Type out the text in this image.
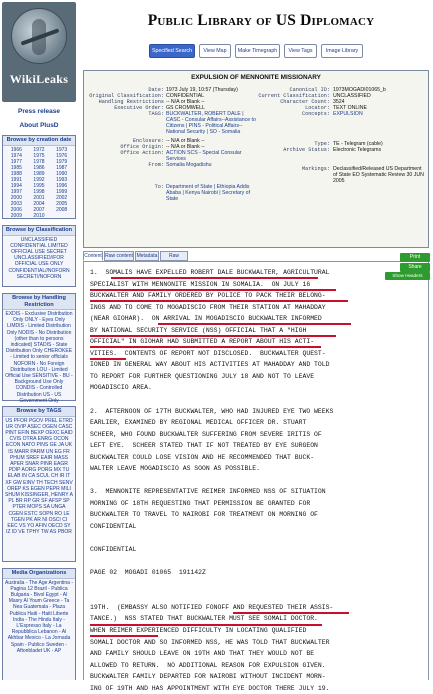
WikiLeaks
Press release
About PlusD
Browse by creation date
1966	1972	1973
1974	1975	1976
1977	1978	1979
1985	1986	1987
1988	1989	1990
1991	1992	1993
1994	1995	1996
1997	1998	1999
2000	2001	2002
2003	2004	2005
2006	2007	2008
2009	2010
Browse by Classification
UNCLASSIFIED CONFIDENTIAL LIMITED OFFICIAL USE SECRET UNCLASSIFIED//FOR OFFICIAL USE ONLY CONFIDENTIAL//NOFORN SECRET//NOFORN
Browse by Handling Restriction
EXDIS - Exclusive Distribution Only ONLY - Eyes Only LIMDIS - Limited Distribution Only NODIS - No Distribution (other than to persons indicated) STADIS - State Distribution Only CHEROKEE - Limited to senior officials NOFORN - No Foreign Distribution LOU - Limited Official Use SENSITIVE - BU - Background Use Only CONDIS - Controlled Distribution US - US Government Only
Browse by TAGS
US PFOR PGOV PREL ETRD UR OVIP ASEC OGEN CASC PINT EFIN BEXP OEXC EAID CVIS OTRA ENRG OCON ECON NATO PINS GE JA UK IS MARR PARM UN EG FR PHUM SREF EAIR MASS APER SNAR PINR EAGR PDIP AORG PORG MX TU ELAB IN CA SCUL CH IR IT XF GW EINV TH TECH SENV OREP KS EGEN PEPR MILI SHUM KISSINGER, HENRY A PL BR RP GR SF AFSP SP PTER MOPS SA UNGA CGEN ESTC SOPN RO LE TGEN PK AR NI OSCI CI EEC VS YO AFIN OECD SY IZ ID VE TPHY TW AS PBOR
Media Organizations
Australia - The Age Argentina - Pagina 12 Brazil - Publica Bulgaria - Bivol Egypt - Al Masry Al Youm Greece - Ta Nea Guatemala - Plaza Publica Haiti - Haiti Liberte India - The Hindu Italy - L'Espresso Italy - La Repubblica Lebanon - Al Akhbar Mexico - La Jornada Spain - Publico Sweden - Aftonbladet UK - AP
Public Library of US Diplomacy
Specified Search	View Map	Make Timegraph	View Tags	Image Library
EXPULSION OF MENNONITE MISSIONARY
Date: 1973 July 19, 10:57 (Thursday)
Original Classification: CONFIDENTIAL
Handling Restrictions -- N/A or Blank --
Executive Order: GS CROMWELL
TAGS: BUCKWALTER, ROBERT DALE | CASC - Consular Affairs--Assistance to Citizens | PINS - Political Affairs--National Security | SO - Somalia
Enclosure: -- N/A or Blank --
Office Origin: -- N/A or Blank --
Office Action: ACTION SCS - Special Consular Services
From: Somalia Mogadishu
To: Department of State | Ethiopia Addis Ababa | Kenya Nairobi | Secretary of State
Canonical ID: 1973MOGADI01065_b
Current Classification: UNCLASSIFIED
Character Count: 3524
Locator: TEXT ONLINE
Concepts: EXPULSION
Type: TE - Telegram (cable)
Archive Status: Electronic Telegrams
Markings: Declassified/Released US Department of State EO Systematic Review 30 JUN 2005
Content Raw content Metadata	Raw
1.  SOMALIS HAVE EXPELLED ROBERT DALE BUCKWALTER, AGRICULTURAL
SPECIALIST WITH MENNONITE MISSION IN SOMALIA.  ON JULY 16
BUCKWALTER AND FAMILY ORDERED BY POLICE TO PACK THEIR BELONG-
INGS AND TO COME TO MOGADISCIO FROM THEIR STATION AT MAHADDAY
(NEAR GIOHAR).  ON ARRIVAL IN MOGADISCIO BUCKWALTER INFORMED
BY NATIONAL SECURITY SERVICE (NSS) OFFICIAL THAT A "HIGH
OFFICIAL" IN GIOHAR HAD SUBMITTED A REPORT ABOUT HIS ACTI-
VITIES.  CONTENTS OF REPORT NOT DISCLOSED.  BUCKWALTER QUEST-
IONED IN GENERAL WAY ABOUT HIS ACTIVITIES AT MAHADDAY AND TOLD
TO REPORT FOR FURTHER QUESTIONING JULY 18 AND NOT TO LEAVE
MOGADISCIO AREA.

2.  AFTERNOON OF 17TH BUCKWALTER, WHO HAD INJURED EYE TWO WEEKS
EARLIER, EXAMINED BY REGIONAL MEDICAL OFFICER DR. STUART
SCHEER, WHO FOUND BUCKWALTER SUFFERING FROM SEVERE IRITIS OF
LEFT EYE.  SCHEER STATED THAT IF NOT TREATED BY EYE SURGEON
BUCKWALTER COULD LOSE VISION AND HE RECOMMENDED THAT BUCK-
WALTER LEAVE MOGADISCIO AS SOON AS POSSIBLE.

3.  MENNONITE REPRESENTATIVE REIMER INFORMED NSS OF SITUATION
MORNING OF 18TH REQUESTING THAT PERMISSION BE GRANTED FOR
BUCKWALTER TO TRAVEL TO NAIROBI FOR TREATMENT ON MORNING OF
CONFIDENTIAL

CONFIDENTIAL

PAGE 02  MOGADI 01065  191142Z

19TH.  (EMBASSY ALSO NOTIFIED FONOFF AND REQUESTED THEIR ASSIS-
TANCE.)  NSS STATED THAT BUCKWALTER MUST SEE SOMALI DOCTOR.
WHEN REIMER EXPERIENCED DIFFICULTY IN LOCATING QUALIFIED
SOMALI DOCTOR AND SO INFORMED NSS, HE WAS TOLD THAT BUCKWALTER
AND FAMILY SHOULD LEAVE ON 19TH AND THAT THEY WOULD NOT BE
ALLOWED TO RETURN.  NO ADDITIONAL REASON FOR EXPULSION GIVEN.
BUCKWALTER FAMILY DEPARTED FOR NAIROBI WITHOUT INCIDENT MORN-
ING OF 19TH AND HAS APPOINTMENT WITH EYE DOCTOR THERE JULY 19.
Print
Share
Show Headers
